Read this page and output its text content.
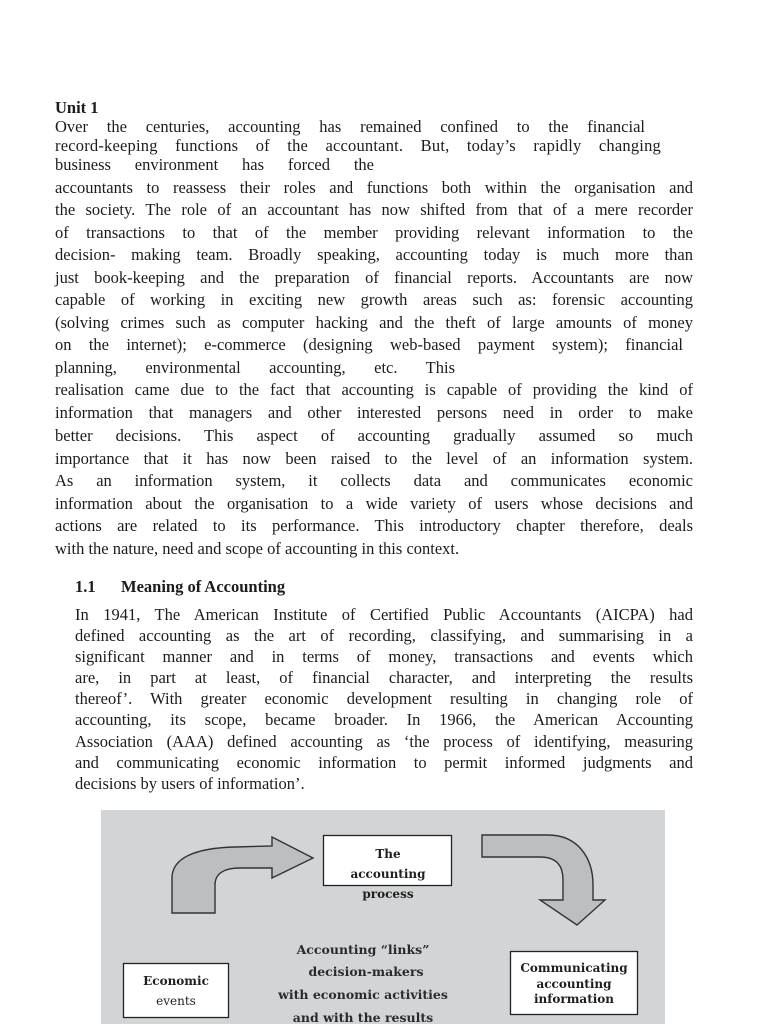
Unit 1
Over the centuries, accounting has remained confined to the financial
record-keeping functions of the accountant. But, today’s rapidly changing
business environment has forced the
accountants to reassess their roles and functions both within the organisation and
the society. The role of an accountant has now shifted from that of a mere recorder
of transactions to that of the member providing relevant information to the
decision- making team. Broadly speaking, accounting today is much more than
just book-keeping and the preparation of financial reports. Accountants are now
capable of working in exciting new growth areas such as: forensic accounting
(solving crimes such as computer hacking and the theft of large amounts of money
on the internet); e-commerce (designing web-based payment system); financial
planning, environmental accounting, etc. This
realisation came due to the fact that accounting is capable of providing the kind of
information that managers and other interested persons need in order to make
better decisions. This aspect of accounting gradually assumed so much
importance that it has now been raised to the level of an information system.
As an information system, it collects data and communicates economic
information about the organisation to a wide variety of users whose decisions and
actions are related to its performance. This introductory chapter therefore, deals
with the nature, need and scope of accounting in this context.
1.1 Meaning of Accounting
In 1941, The American Institute of Certified Public Accountants (AICPA) had
defined accounting as the art of recording, classifying, and summarising in a
significant manner and in terms of money, transactions and events which
are, in part at least, of financial character, and interpreting the results
thereof’. With greater economic development resulting in changing role of
accounting, its scope, became broader. In 1966, the American Accounting
Association (AAA) defined accounting as ‘the process of identifying, measuring
and communicating economic information to permit informed judgments and
decisions by users of information’.
The
accounting
process
Economic
events
Communicating
accounting
information
Accounting “links”
decision-makers
with economic activities
and with the results
